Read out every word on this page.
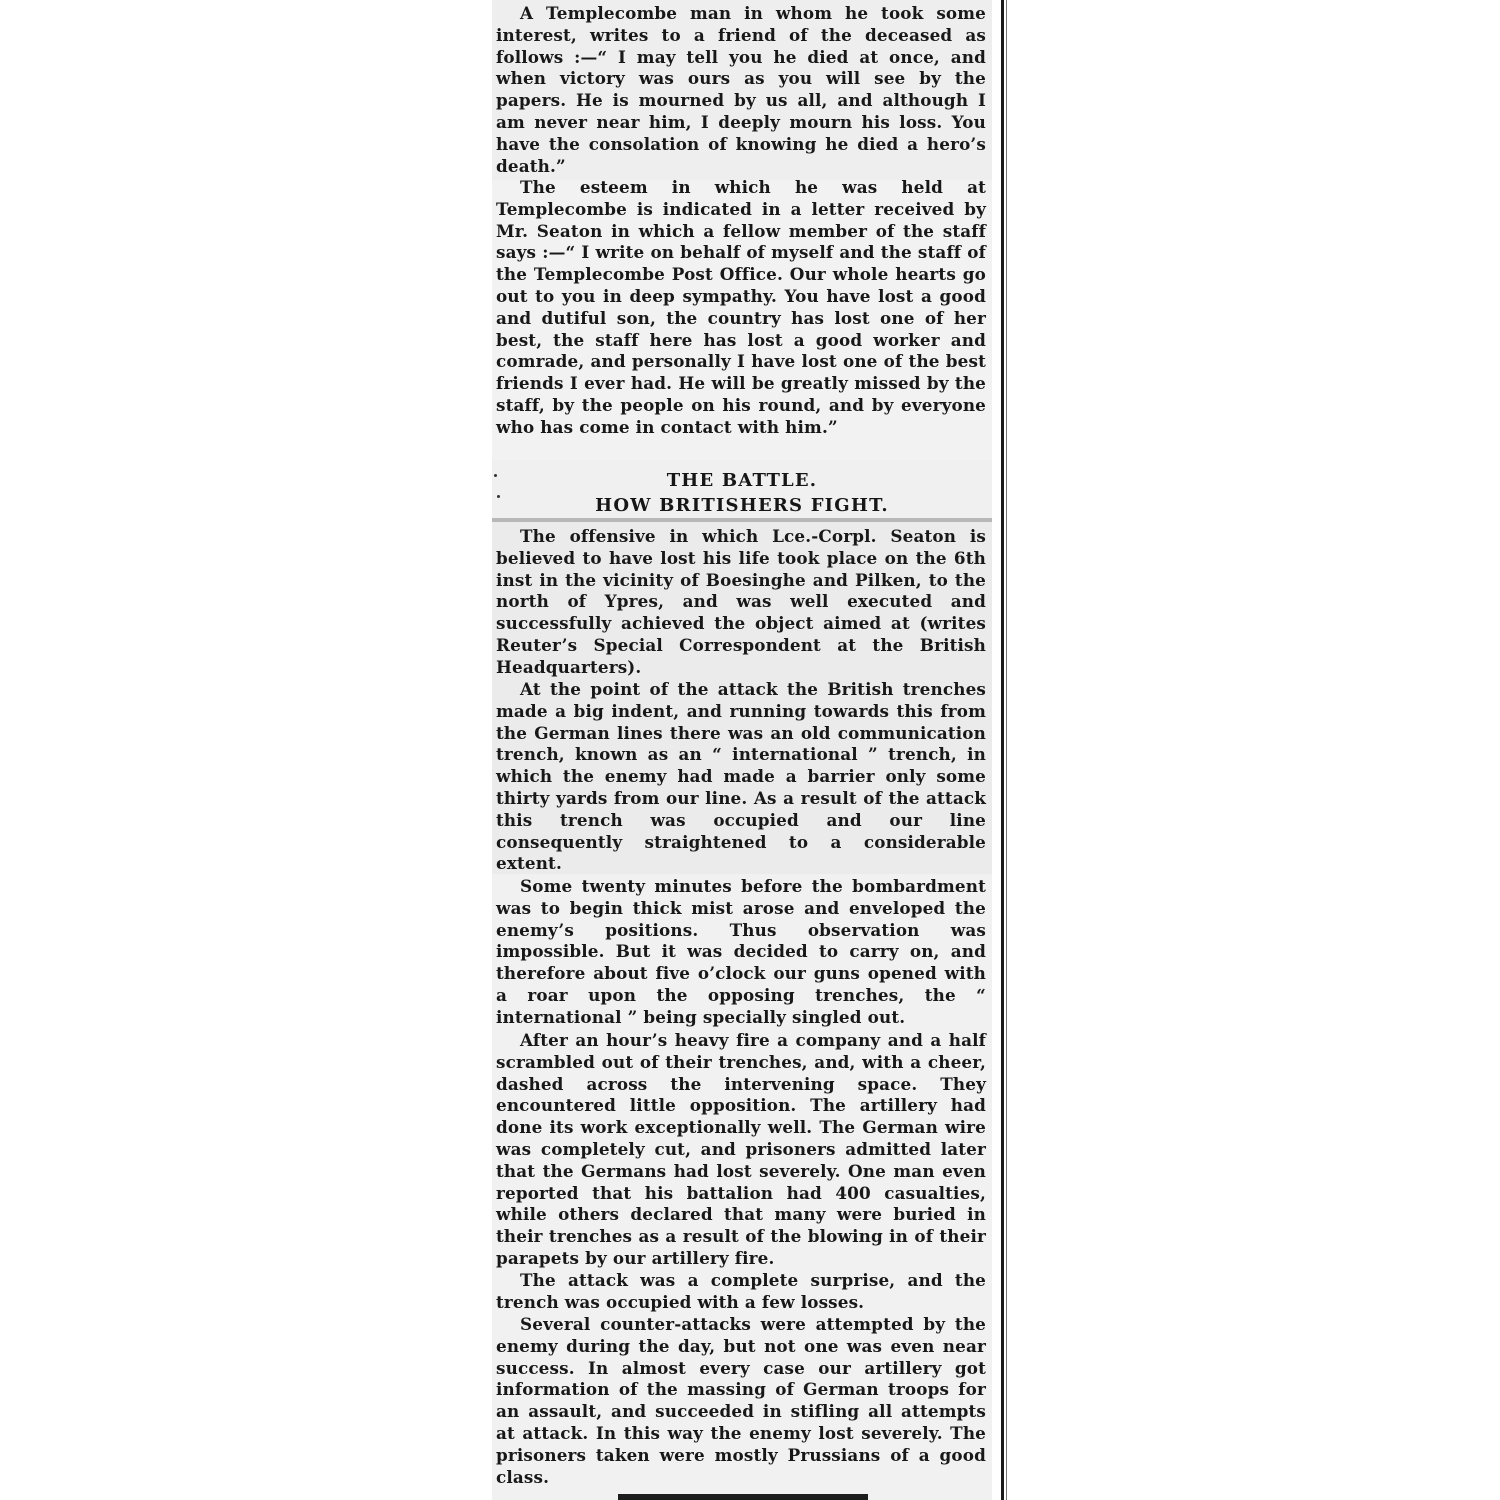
A Templecombe man in whom he took some interest, writes to a friend of the deceased as follows :—“ I may tell you he died at once, and when victory was ours as you will see by the papers. He is mourned by us all, and although I am never near him, I deeply mourn his loss. You have the consolation of knowing he died a hero’s death.”

The esteem in which he was held at Templecombe is indicated in a letter received by Mr. Seaton in which a fellow member of the staff says :—“ I write on behalf of myself and the staff of the Templecombe Post Office. Our whole hearts go out to you in deep sympathy. You have lost a good and dutiful son, the country has lost one of her best, the staff here has lost a good worker and comrade, and personally I have lost one of the best friends I ever had. He will be greatly missed by the staff, by the people on his round, and by everyone who has come in contact with him.”

THE BATTLE.
HOW BRITISHERS FIGHT.

The offensive in which Lce.-Corpl. Seaton is believed to have lost his life took place on the 6th inst in the vicinity of Boesinghe and Pilken, to the north of Ypres, and was well executed and successfully achieved the object aimed at (writes Reuter’s Special Correspondent at the British Headquarters).

At the point of the attack the British trenches made a big indent, and running towards this from the German lines there was an old communication trench, known as an “ international ” trench, in which the enemy had made a barrier only some thirty yards from our line. As a result of the attack this trench was occupied and our line consequently straightened to a considerable extent.

Some twenty minutes before the bombardment was to begin thick mist arose and enveloped the enemy’s positions. Thus observation was impossible. But it was decided to carry on, and therefore about five o’clock our guns opened with a roar upon the opposing trenches, the “ international ” being specially singled out.

After an hour’s heavy fire a company and a half scrambled out of their trenches, and, with a cheer, dashed across the intervening space. They encountered little opposition. The artillery had done its work exceptionally well. The German wire was completely cut, and prisoners admitted later that the Germans had lost severely. One man even reported that his battalion had 400 casualties, while others declared that many were buried in their trenches as a result of the blowing in of their parapets by our artillery fire.

The attack was a complete surprise, and the trench was occupied with a few losses.

Several counter-attacks were attempted by the enemy during the day, but not one was even near success. In almost every case our artillery got information of the massing of German troops for an assault, and succeeded in stifling all attempts at attack. In this way the enemy lost severely. The prisoners taken were mostly Prussians of a good class.
